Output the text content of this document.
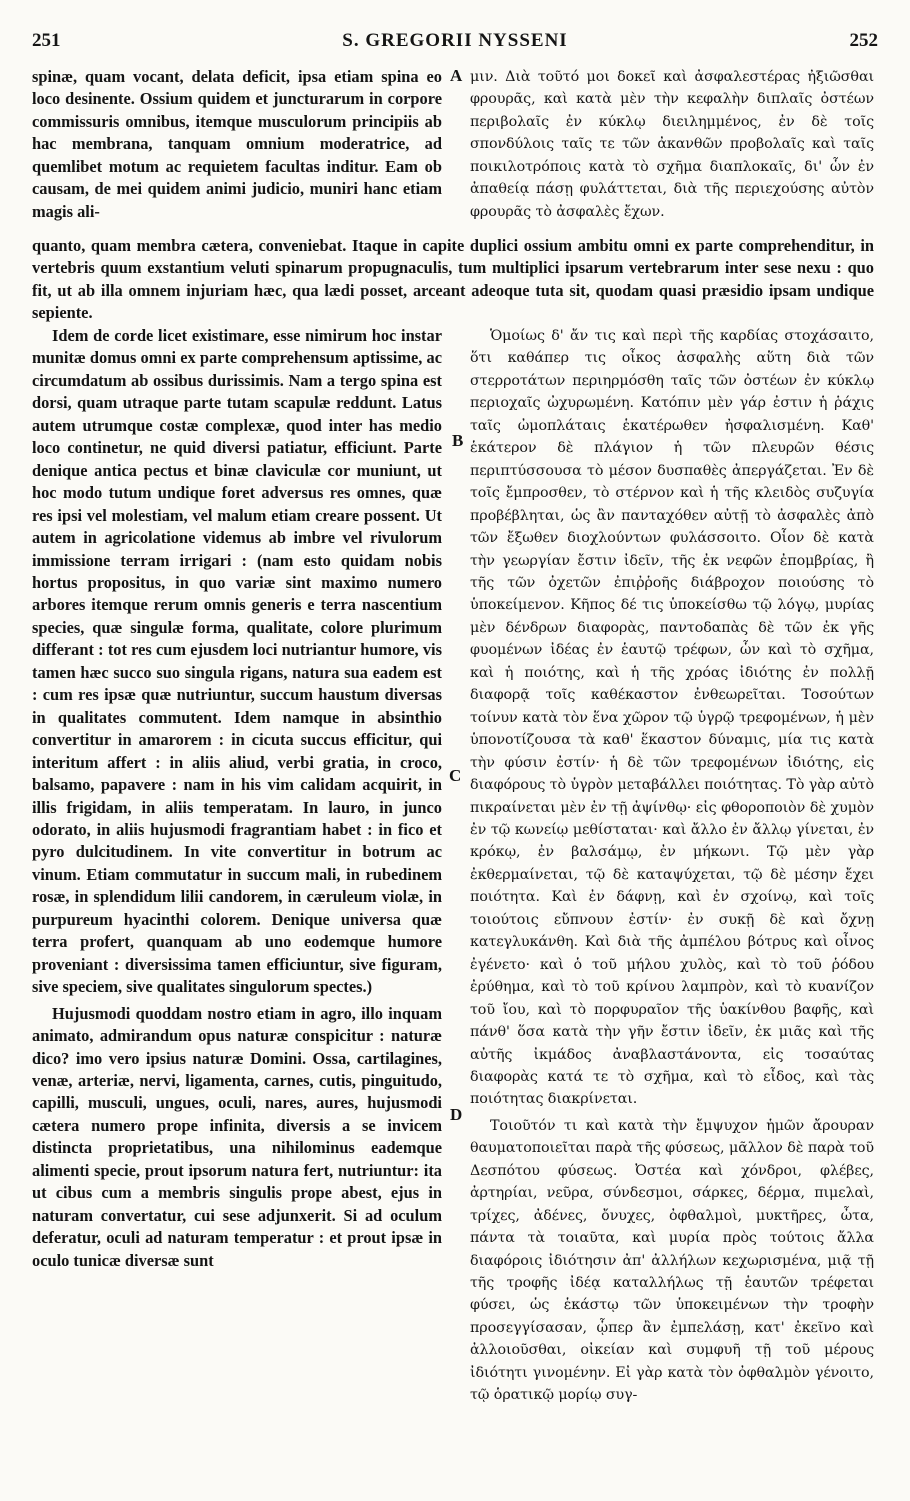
251	S. GREGORII NYSSENI	252

spinæ, quam vocant, delata deficit, ipsa etiam spina eo loco desinente. Ossium quidem et juncturarum in corpore commissuris omnibus, itemque musculorum principiis ab hac membrana, tanquam omnium moderatrice, ad quemlibet motum ac requietem facultas inditur. Eam ob causam, de mei quidem animi judicio, muniri hanc etiam magis ali-

μιν. Διὰ τοῦτό μοι δοκεῖ καὶ ἀσφαλεστέρας ἠξιῶσθαι φρουρᾶς, καὶ κατὰ μὲν τὴν κεφαλὴν διπλαῖς ὀστέων περιβολαῖς ἐν κύκλῳ διειλημμένος, ἐν δὲ τοῖς σπονδύλοις ταῖς τε τῶν ἀκανθῶν προβολαῖς καὶ ταῖς ποικιλοτρόποις κατὰ τὸ σχῆμα διαπλοκαῖς, δι' ὧν ἐν ἀπαθείᾳ πάσῃ φυλάττεται, διὰ τῆς περιεχούσης αὐτὸν φρουρᾶς τὸ ἀσφαλὲς ἔχων.

quanto, quam membra cætera, conveniebat. Itaque in capite duplici ossium ambitu omni ex parte comprehenditur, in vertebris quum exstantium veluti spinarum propugnaculis, tum multiplici ipsarum vertebrarum inter sese nexu : quo fit, ut ab illa omnem injuriam hæc, qua lædi posset, arceant adeoque tuta sit, quodam quasi præsidio ipsam undique sepiente.

Idem de corde licet existimare, esse nimirum hoc instar munitæ domus omni ex parte comprehensum aptissime, ac circumdatum ab ossibus durissimis. Nam a tergo spina est dorsi, quam utraque parte tutam scapulæ reddunt. Latus autem utrumque costæ complexæ, quod inter has medio loco continetur, ne quid diversi patiatur, efficiunt. Parte denique antica pectus et binæ claviculæ cor muniunt, ut hoc modo tutum undique foret adversus res omnes, quæ res ipsi vel molestiam, vel malum etiam creare possent. Ut autem in agricolatione videmus ab imbre vel rivulorum immissione terram irrigari : (nam esto quidam nobis hortus propositus, in quo variæ sint maximo numero arbores itemque rerum omnis generis e terra nascentium species, quæ singulæ forma, qualitate, colore plurimum differant : tot res cum ejusdem loci nutriantur humore, vis tamen hæc succo suo singula rigans, natura sua eadem est : cum res ipsæ quæ nutriuntur, succum haustum diversas in qualitates commutent. Idem namque in absinthio convertitur in amarorem : in cicuta succus efficitur, qui interitum affert : in aliis aliud, verbi gratia, in croco, balsamo, papavere : nam in his vim calidam acquirit, in illis frigidam, in aliis temperatam. In lauro, in junco odorato, in aliis hujusmodi fragrantiam habet : in fico et pyro dulcitudinem. In vite convertitur in botrum ac vinum. Etiam commutatur in succum mali, in rubedinem rosæ, in splendidum lilii candorem, in cæruleum violæ, in purpureum hyacinthi colorem. Denique universa quæ terra profert, quanquam ab uno eodemque humore proveniant : diversissima tamen efficiuntur, sive figuram, sive speciem, sive qualitates singulorum spectes.)

Hujusmodi quoddam nostro etiam in agro, illo inquam animato, admirandum opus naturæ conspicitur : naturæ dico? imo vero ipsius naturæ Domini. Ossa, cartilagines, venæ, arteriæ, nervi, ligamenta, carnes, cutis, pinguitudo, capilli, musculi, ungues, oculi, nares, aures, hujusmodi cætera numero prope infinita, diversis a se invicem distincta proprietatibus, una nihilominus eademque alimenti specie, prout ipsorum natura fert, nutriuntur: ita ut cibus cum a membris singulis prope abest, ejus in naturam convertatur, cui sese adjunxerit. Si ad oculum deferatur, oculi ad naturam temperatur : et prout ipsæ in oculo tunicæ diversæ sunt

Ὁμοίως δ' ἄν τις καὶ περὶ τῆς καρδίας στοχάσαιτο, ὅτι καθάπερ τις οἶκος ἀσφαλὴς αὕτη διὰ τῶν στερροτάτων περιηρμόσθη ταῖς τῶν ὀστέων ἐν κύκλῳ περιοχαῖς ὠχυρωμένη. Κατόπιν μὲν γάρ ἐστιν ἡ ῥάχις ταῖς ὠμοπλάταις ἑκατέρωθεν ἠσφαλισμένη. Καθ' ἑκάτερον δὲ πλάγιον ἡ τῶν πλευρῶν θέσις περιπτύσσουσα τὸ μέσον δυσπαθὲς ἀπεργάζεται. Ἐν δὲ τοῖς ἔμπροσθεν, τὸ στέρνον καὶ ἡ τῆς κλειδὸς συζυγία προβέβληται, ὡς ἂν πανταχόθεν αὐτῇ τὸ ἀσφαλὲς ἀπὸ τῶν ἔξωθεν διοχλούντων φυλάσσοιτο. Οἷον δὲ κατὰ τὴν γεωργίαν ἔστιν ἰδεῖν, τῆς ἐκ νεφῶν ἐπομβρίας, ἢ τῆς τῶν ὀχετῶν ἐπιῤῥοῆς διάβροχον ποιούσης τὸ ὑποκείμενον. Κῆπος δέ τις ὑποκείσθω τῷ λόγῳ, μυρίας μὲν δένδρων διαφορὰς, παντοδαπὰς δὲ τῶν ἐκ γῆς φυομένων ἰδέας ἐν ἑαυτῷ τρέφων, ὧν καὶ τὸ σχῆμα, καὶ ἡ ποιότης, καὶ ἡ τῆς χρόας ἰδιότης ἐν πολλῇ διαφορᾷ τοῖς καθέκαστον ἐνθεωρεῖται. Τοσούτων τοίνυν κατὰ τὸν ἕνα χῶρον τῷ ὑγρῷ τρεφομένων, ἡ μὲν ὑπονοτίζουσα τὰ καθ' ἕκαστον δύναμις, μία τις κατὰ τὴν φύσιν ἐστίν· ἡ δὲ τῶν τρεφομένων ἰδιότης, εἰς διαφόρους τὸ ὑγρὸν μεταβάλλει ποιότητας. Τὸ γὰρ αὐτὸ πικραίνεται μὲν ἐν τῇ ἀψίνθῳ· εἰς φθοροποιὸν δὲ χυμὸν ἐν τῷ κωνείῳ μεθίσταται· καὶ ἄλλο ἐν ἄλλῳ γίνεται, ἐν κρόκῳ, ἐν βαλσάμῳ, ἐν μήκωνι. Τῷ μὲν γὰρ ἐκθερμαίνεται, τῷ δὲ καταψύχεται, τῷ δὲ μέσην ἔχει ποιότητα. Καὶ ἐν δάφνῃ, καὶ ἐν σχοίνῳ, καὶ τοῖς τοιούτοις εὔπνουν ἐστίν· ἐν συκῇ δὲ καὶ ὄχνῃ κατεγλυκάνθη. Καὶ διὰ τῆς ἀμπέλου βότρυς καὶ οἶνος ἐγένετο· καὶ ὁ τοῦ μήλου χυλὸς, καὶ τὸ τοῦ ῥόδου ἐρύθημα, καὶ τὸ τοῦ κρίνου λαμπρὸν, καὶ τὸ κυανίζον τοῦ ἴου, καὶ τὸ πορφυραῖον τῆς ὑακίνθου βαφῆς, καὶ πάνθ' ὅσα κατὰ τὴν γῆν ἔστιν ἰδεῖν, ἐκ μιᾶς καὶ τῆς αὐτῆς ἰκμάδος ἀναβλαστάνοντα, εἰς τοσαύτας διαφορὰς κατά τε τὸ σχῆμα, καὶ τὸ εἶδος, καὶ τὰς ποιότητας διακρίνεται.

Τοιοῦτόν τι καὶ κατὰ τὴν ἔμψυχον ἡμῶν ἄρουραν θαυματοποιεῖται παρὰ τῆς φύσεως, μᾶλλον δὲ παρὰ τοῦ Δεσπότου φύσεως. Ὀστέα καὶ χόνδροι, φλέβες, ἀρτηρίαι, νεῦρα, σύνδεσμοι, σάρκες, δέρμα, πιμελαὶ, τρίχες, ἀδένες, ὄνυχες, ὀφθαλμοὶ, μυκτῆρες, ὦτα, πάντα τὰ τοιαῦτα, καὶ μυρία πρὸς τούτοις ἄλλα διαφόροις ἰδιότησιν ἀπ' ἀλλήλων κεχωρισμένα, μιᾷ τῇ τῆς τροφῆς ἰδέᾳ καταλλήλως τῇ ἑαυτῶν τρέφεται φύσει, ὡς ἑκάστῳ τῶν ὑποκειμένων τὴν τροφὴν προσεγγίσασαν, ᾧπερ ἂν ἐμπελάσῃ, κατ' ἐκεῖνο καὶ ἀλλοιοῦσθαι, οἰκείαν καὶ συμφυῆ τῇ τοῦ μέρους ἰδιότητι γινομένην. Εἰ γὰρ κατὰ τὸν ὀφθαλμὸν γένοιτο, τῷ ὁρατικῷ μορίῳ συγ-

A
B
C
D
